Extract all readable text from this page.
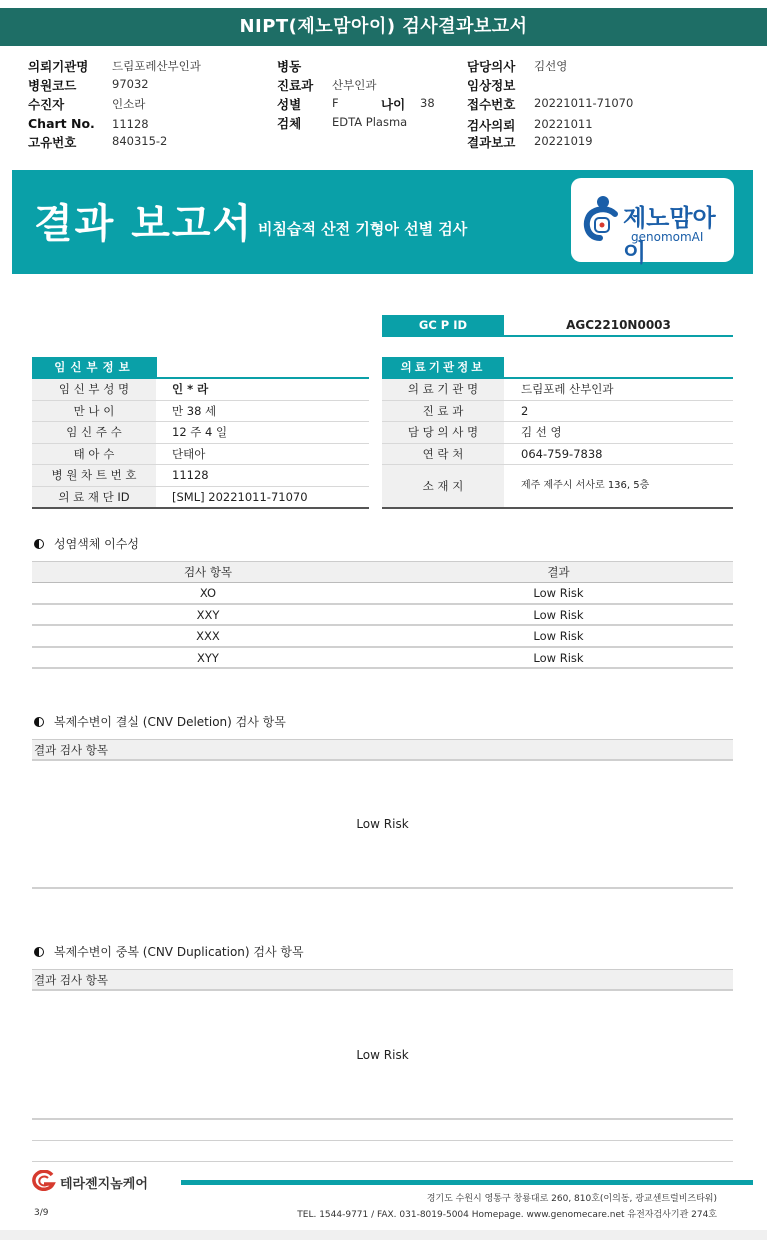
NIPT(제노맘아이) 검사결과보고서
의뢰기관명 드림포레산부인과
병원코드	97032
수진자	인소라
Chart No. 11128
고유번호	840315-2
병동
진료과 산부인과
성별	F	나이 38
검체	EDTA Plasma
담당의사 김선영
임상정보
접수번호 20221011-71070
검사의뢰 20221011
결과보고 20221019
결과 보고서 비침습적 산전 기형아 선별 검사	제노맘아이
genomomAI
GC P ID	AGC2210N0003
임신부정보
임 신 부 성 명	인 * 라
만 나 이	만 38 세
임 신 주 수	12 주 4 일
태 아 수	단태아
병 원 차 트 번 호	11128
의 료 재 단 ID	[SML] 20221011-71070
의료기관정보
의 료 기 관 명	드림포레 산부인과
진 료 과	2
담 당 의 사 명	김 선 영
연 락 처	064-759-7838
소 재 지	제주 제주시 서사로 136, 5층
성염색체 이수성
검사 항목	결과
XO	Low Risk
XXY	Low Risk
XXX	Low Risk
XYY	Low Risk
복제수변이 결실 (CNV Deletion) 검사 항목
결과 검사 항목
Low Risk
복제수변이 중복 (CNV Duplication) 검사 항목
결과 검사 항목
Low Risk
테라젠지놈케어
경기도 수원시 영통구 창룡대로 260, 810호(이의동, 광교센트럴비즈타워)
TEL. 1544-9771 / FAX. 031-8019-5004 Homepage. www.genomecare.net 유전자검사기관 274호
3/9
